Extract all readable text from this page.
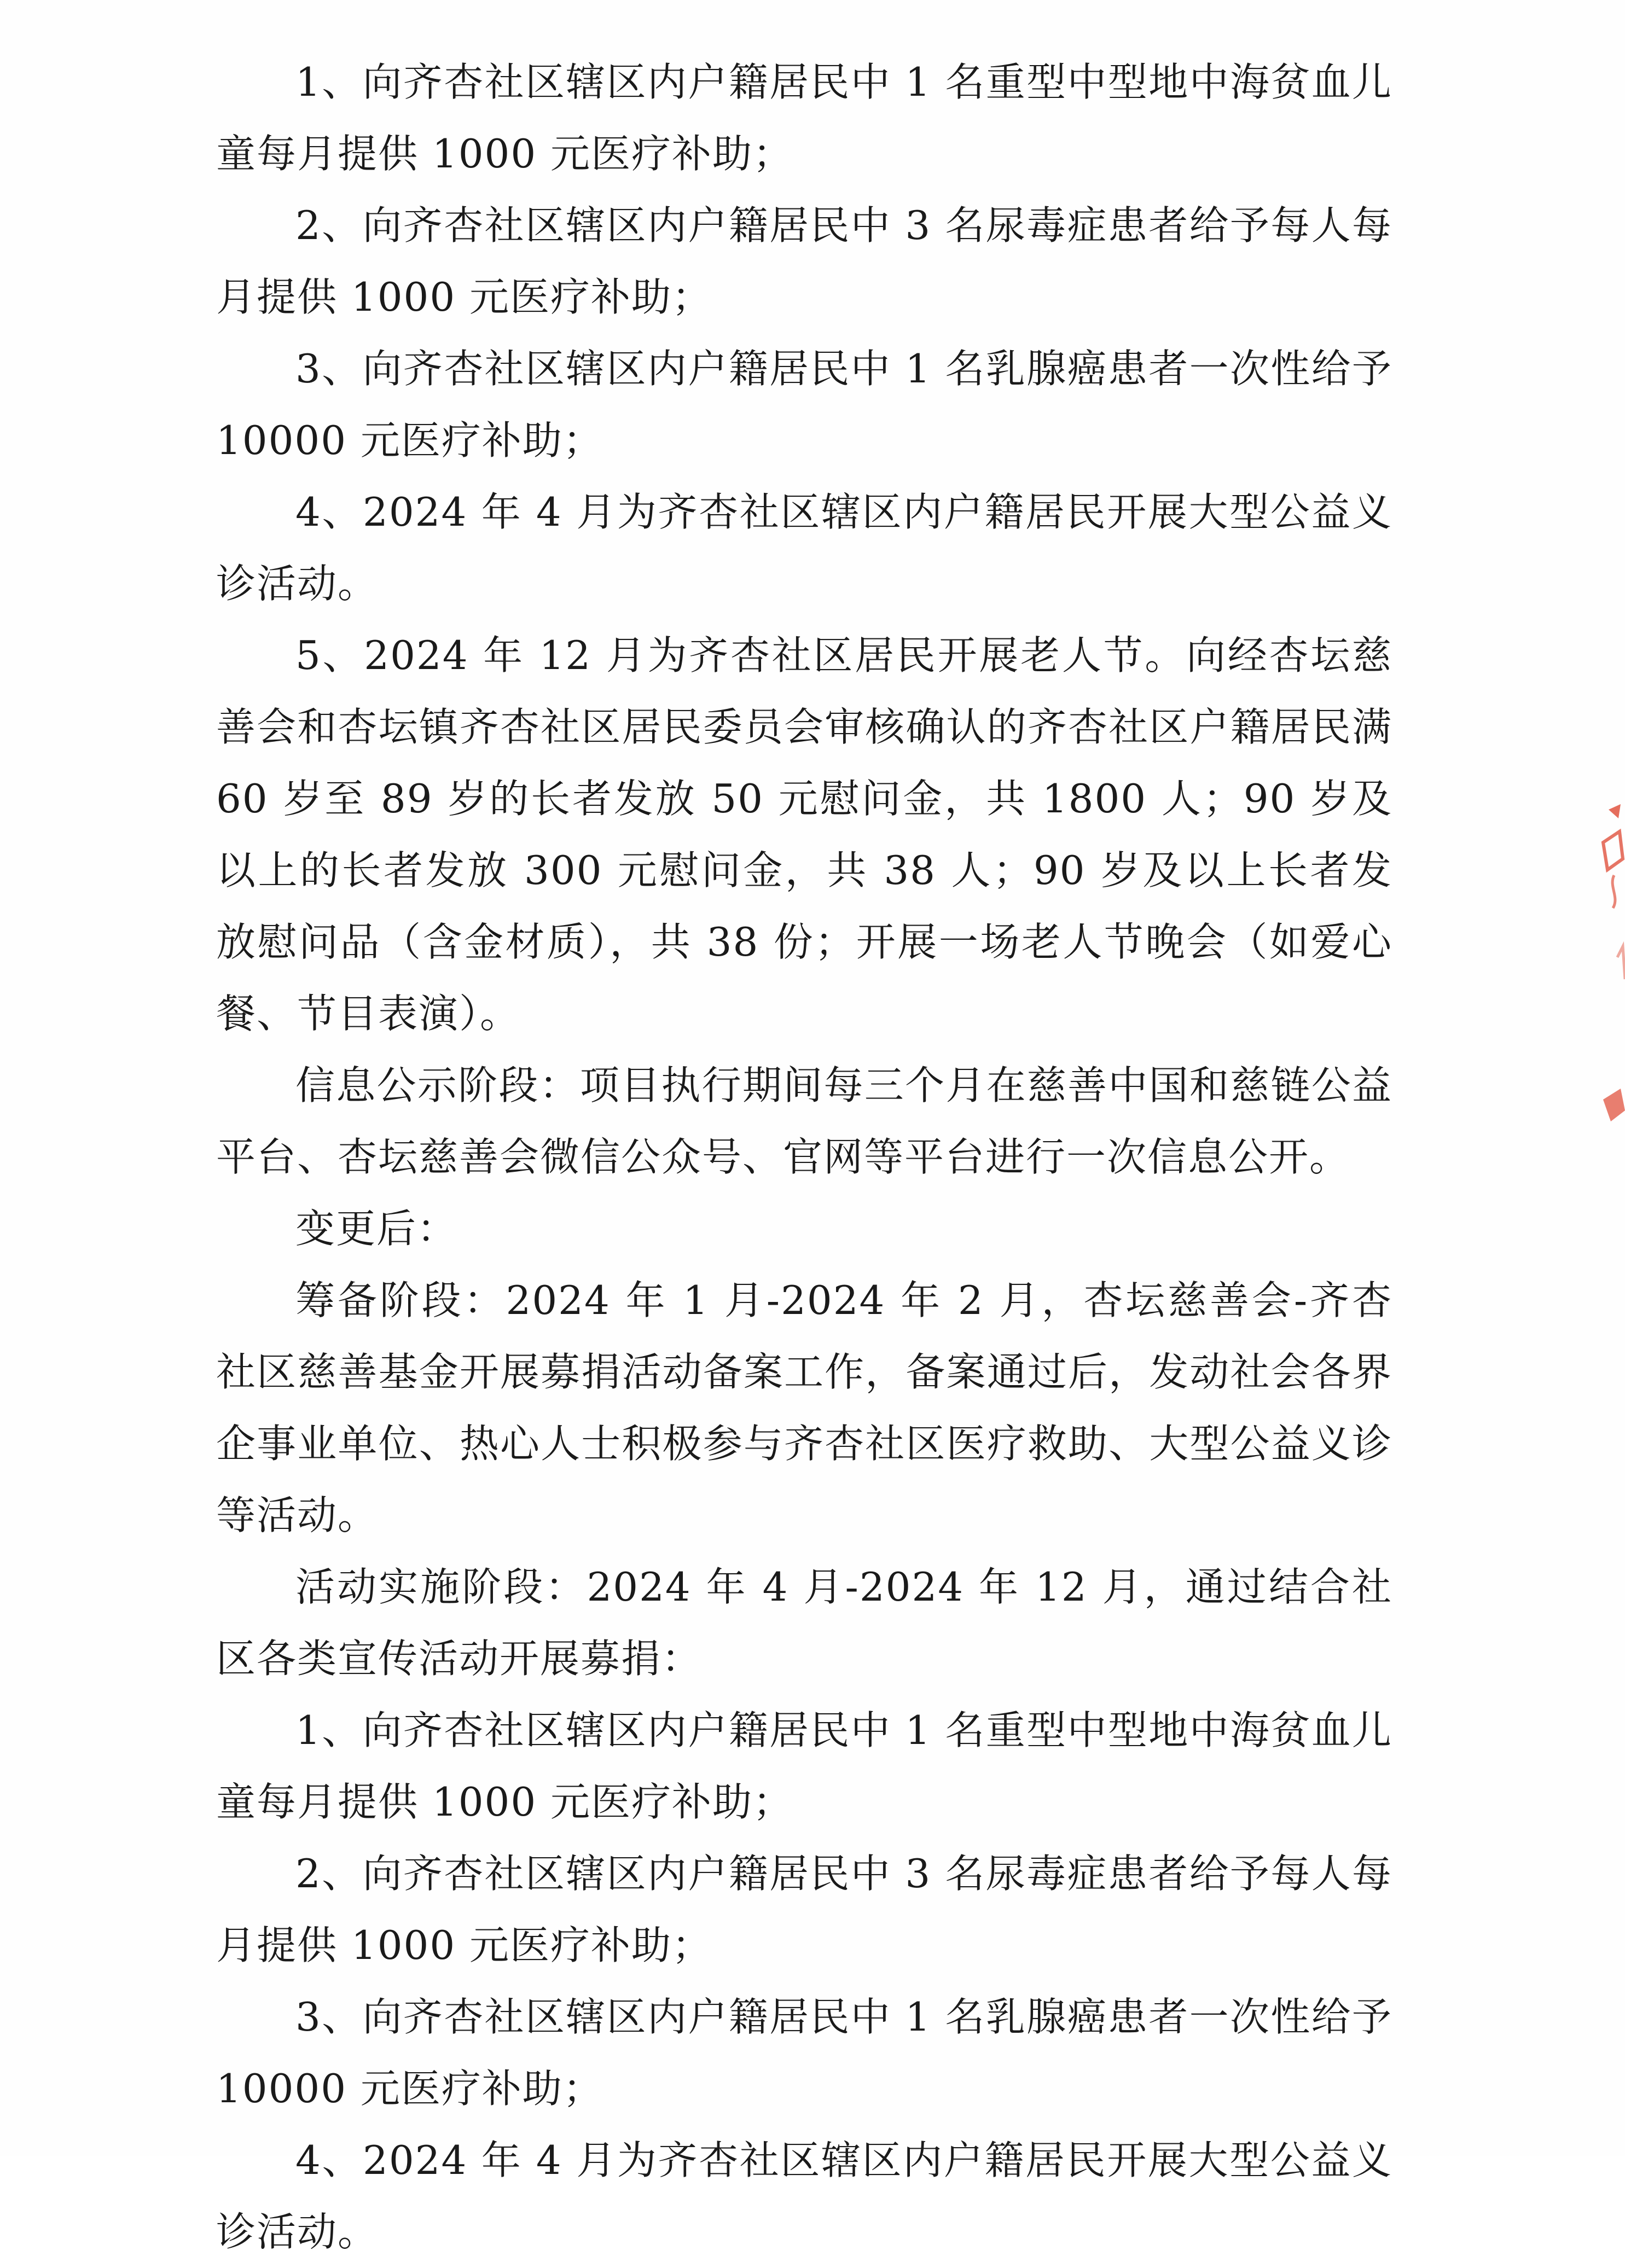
1、向齐杏社区辖区内户籍居民中 1 名重型中型地中海贫血儿童每月提供 1000 元医疗补助；

2、向齐杏社区辖区内户籍居民中 3 名尿毒症患者给予每人每月提供 1000 元医疗补助；

3、向齐杏社区辖区内户籍居民中 1 名乳腺癌患者一次性给予 10000 元医疗补助；

4、2024 年 4 月为齐杏社区辖区内户籍居民开展大型公益义诊活动。

5、2024 年 12 月为齐杏社区居民开展老人节。向经杏坛慈善会和杏坛镇齐杏社区居民委员会审核确认的齐杏社区户籍居民满 60 岁至 89 岁的长者发放 50 元慰问金，共 1800 人；90 岁及以上的长者发放 300 元慰问金，共 38 人；90 岁及以上长者发放慰问品（含金材质），共 38 份；开展一场老人节晚会（如爱心餐、节目表演）。

信息公示阶段：项目执行期间每三个月在慈善中国和慈链公益平台、杏坛慈善会微信公众号、官网等平台进行一次信息公开。

变更后：

筹备阶段：2024 年 1 月-2024 年 2 月，杏坛慈善会-齐杏社区慈善基金开展募捐活动备案工作，备案通过后，发动社会各界企事业单位、热心人士积极参与齐杏社区医疗救助、大型公益义诊等活动。

活动实施阶段：2024 年 4 月-2024 年 12 月，通过结合社区各类宣传活动开展募捐：

1、向齐杏社区辖区内户籍居民中 1 名重型中型地中海贫血儿童每月提供 1000 元医疗补助；

2、向齐杏社区辖区内户籍居民中 3 名尿毒症患者给予每人每月提供 1000 元医疗补助；

3、向齐杏社区辖区内户籍居民中 1 名乳腺癌患者一次性给予 10000 元医疗补助；

4、2024 年 4 月为齐杏社区辖区内户籍居民开展大型公益义诊活动。
